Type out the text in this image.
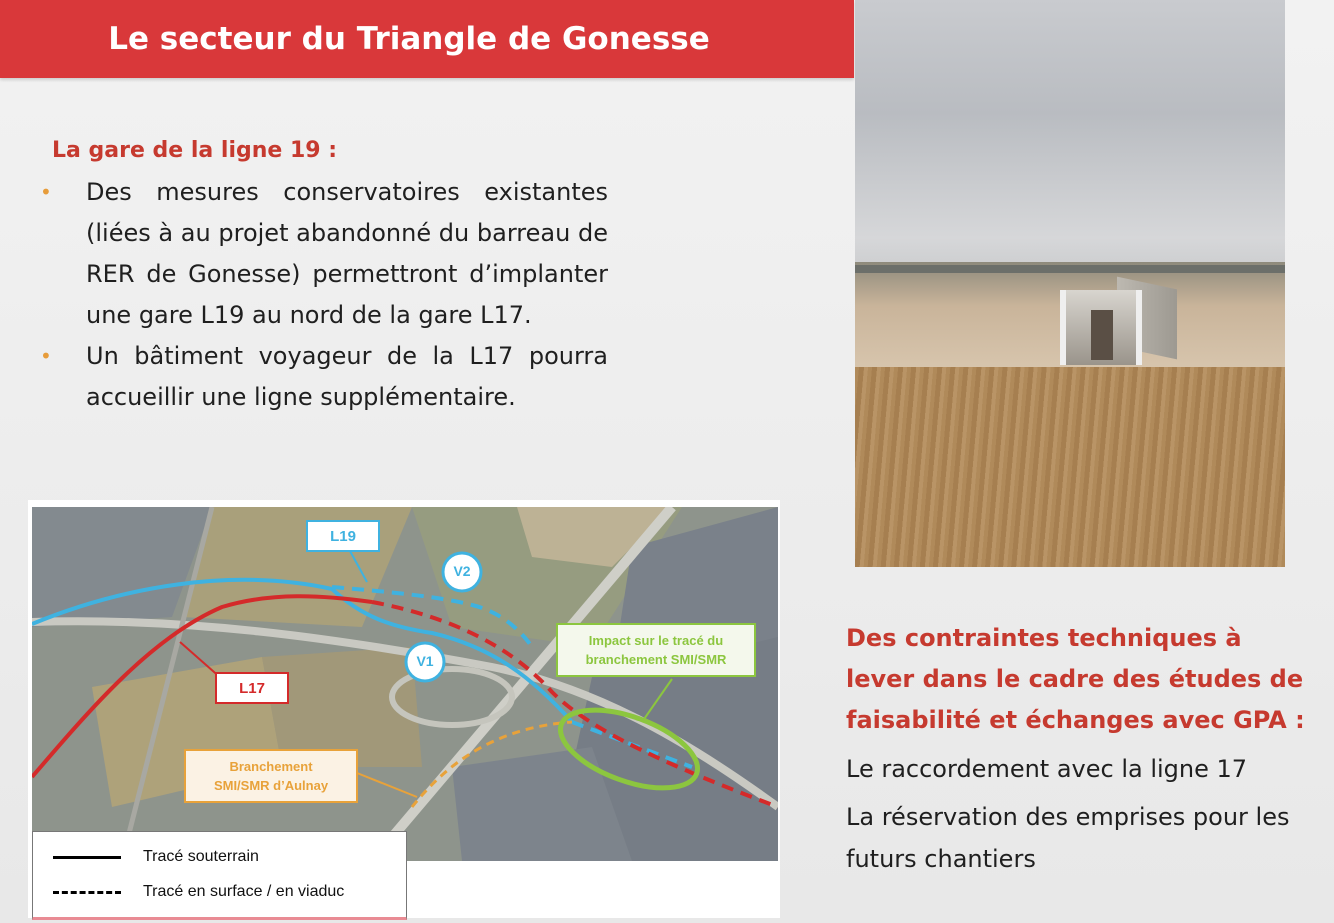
Le secteur du Triangle de Gonesse
La gare de la ligne 19 :
• Des mesures conservatoires existantes (liées à au projet abandonné du barreau de RER de Gonesse) permettront d’implanter une gare L19 au nord de la gare L17.
• Un bâtiment voyageur de la L17 pourra accueillir une ligne supplémentaire.
Des contraintes techniques à lever dans le cadre des études de faisabilité et échanges avec GPA :
Le raccordement avec la ligne 17
La réservation des emprises pour les futurs chantiers
L19
V2
V1
L17
Impact sur le tracé du
branchement SMI/SMR
Branchement
SMI/SMR d’Aulnay
Tracé souterrain
Tracé en surface / en viaduc
